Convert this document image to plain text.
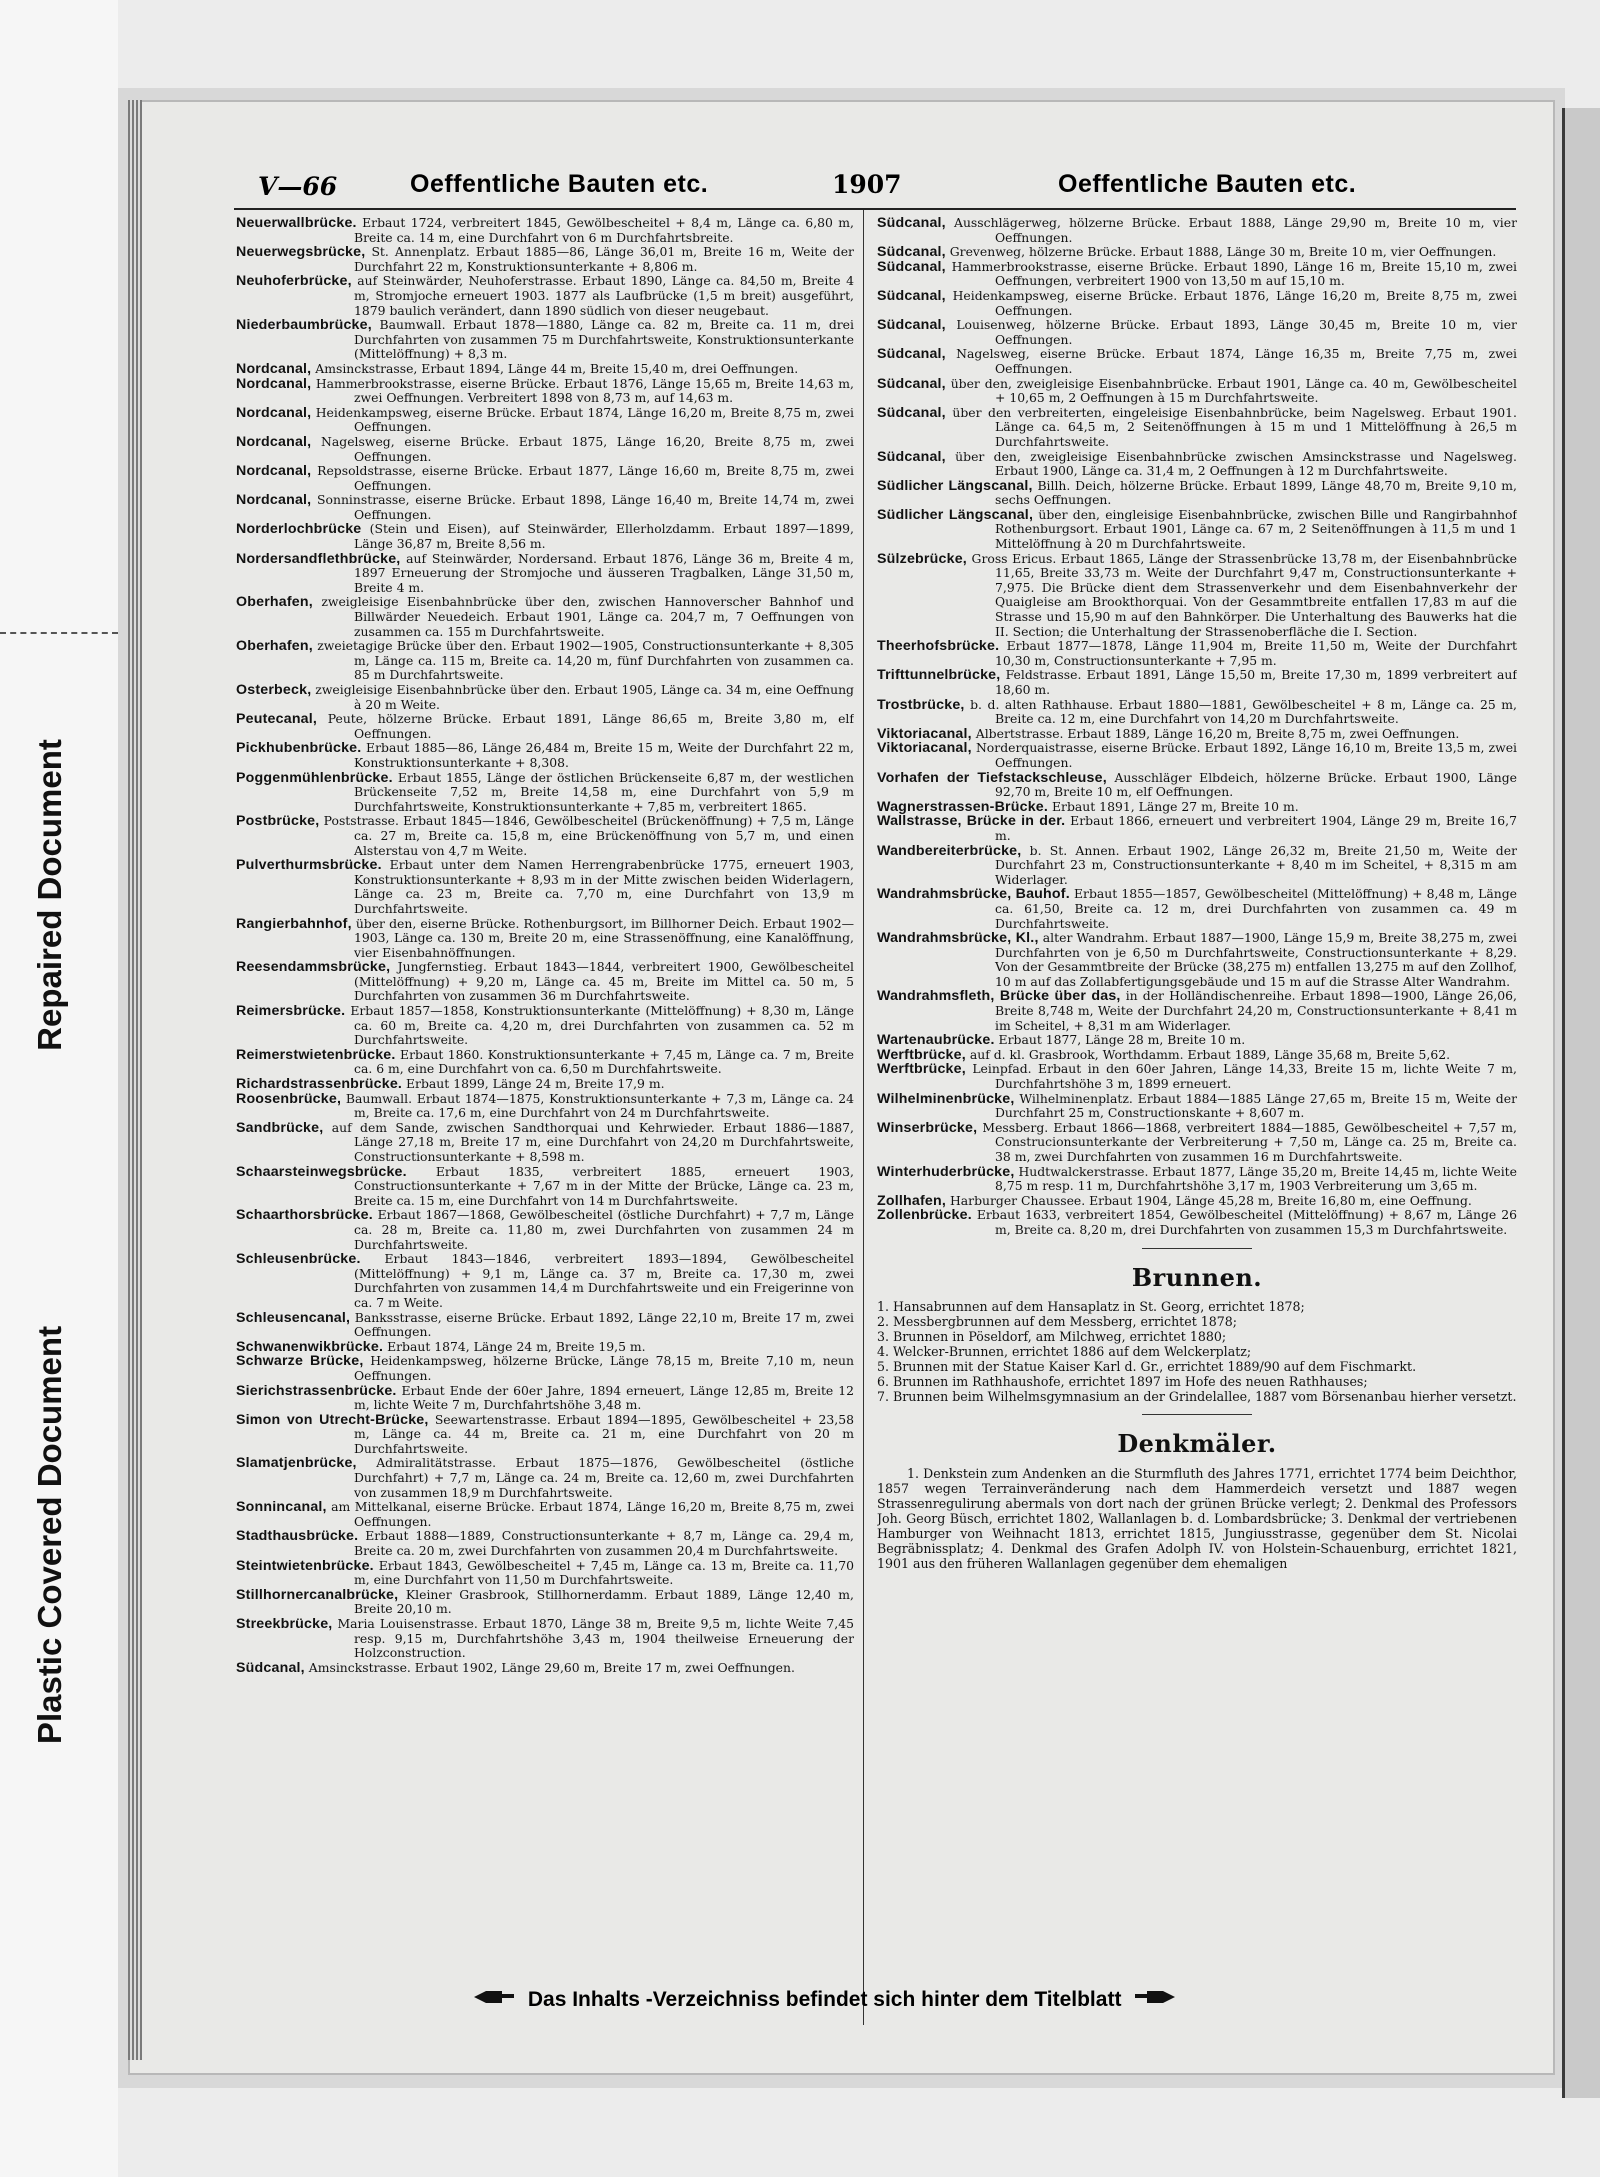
Repaired Document
Plastic Covered Document
V—66	Oeffentliche Bauten etc.	1907	Oeffentliche Bauten etc.
Neuerwallbrücke. Erbaut 1724, verbreitert 1845, Gewölbescheitel + 8,4 m, Länge ca. 6,80 m, Breite ca. 14 m, eine Durchfahrt von 6 m Durchfahrtsbreite.
Neuerwegsbrücke, St. Annenplatz. Erbaut 1885—86, Länge 36,01 m, Breite 16 m, Weite der Durchfahrt 22 m, Konstruktionsunterkante + 8,806 m.
Neuhoferbrücke, auf Steinwärder, Neuhoferstrasse. Erbaut 1890, Länge ca. 84,50 m, Breite 4 m, Stromjoche erneuert 1903. 1877 als Laufbrücke (1,5 m breit) ausgeführt, 1879 baulich verändert, dann 1890 südlich von dieser neugebaut.
Niederbaumbrücke, Baumwall. Erbaut 1878—1880, Länge ca. 82 m, Breite ca. 11 m, drei Durchfahrten von zusammen 75 m Durchfahrtsweite, Konstruktionsunterkante (Mittelöffnung) + 8,3 m.
Nordcanal, Amsinckstrasse, Erbaut 1894, Länge 44 m, Breite 15,40 m, drei Oeffnungen.
Nordcanal, Hammerbrookstrasse, eiserne Brücke. Erbaut 1876, Länge 15,65 m, Breite 14,63 m, zwei Oeffnungen. Verbreitert 1898 von 8,73 m, auf 14,63 m.
Nordcanal, Heidenkampsweg, eiserne Brücke. Erbaut 1874, Länge 16,20 m, Breite 8,75 m, zwei Oeffnungen.
Nordcanal, Nagelsweg, eiserne Brücke. Erbaut 1875, Länge 16,20, Breite 8,75 m, zwei Oeffnungen.
Nordcanal, Repsoldstrasse, eiserne Brücke. Erbaut 1877, Länge 16,60 m, Breite 8,75 m, zwei Oeffnungen.
Nordcanal, Sonninstrasse, eiserne Brücke. Erbaut 1898, Länge 16,40 m, Breite 14,74 m, zwei Oeffnungen.
Norderlochbrücke (Stein und Eisen), auf Steinwärder, Ellerholzdamm. Erbaut 1897—1899, Länge 36,87 m, Breite 8,56 m.
Nordersandflethbrücke, auf Steinwärder, Nordersand. Erbaut 1876, Länge 36 m, Breite 4 m, 1897 Erneuerung der Stromjoche und äusseren Tragbalken, Länge 31,50 m, Breite 4 m.
Oberhafen, zweigleisige Eisenbahnbrücke über den, zwischen Hannoverscher Bahnhof und Billwärder Neuedeich. Erbaut 1901, Länge ca. 204,7 m, 7 Oeffnungen von zusammen ca. 155 m Durchfahrtsweite.
Oberhafen, zweietagige Brücke über den. Erbaut 1902—1905, Constructionsunterkante + 8,305 m, Länge ca. 115 m, Breite ca. 14,20 m, fünf Durchfahrten von zusammen ca. 85 m Durchfahrtsweite.
Osterbeck, zweigleisige Eisenbahnbrücke über den. Erbaut 1905, Länge ca. 34 m, eine Oeffnung à 20 m Weite.
Peutecanal, Peute, hölzerne Brücke. Erbaut 1891, Länge 86,65 m, Breite 3,80 m, elf Oeffnungen.
Pickhubenbrücke. Erbaut 1885—86, Länge 26,484 m, Breite 15 m, Weite der Durchfahrt 22 m, Konstruktionsunterkante + 8,308.
Poggenmühlenbrücke. Erbaut 1855, Länge der östlichen Brückenseite 6,87 m, der westlichen Brückenseite 7,52 m, Breite 14,58 m, eine Durchfahrt von 5,9 m Durchfahrtsweite, Konstruktionsunterkante + 7,85 m, verbreitert 1865.
Postbrücke, Poststrasse. Erbaut 1845—1846, Gewölbescheitel (Brückenöffnung) + 7,5 m, Länge ca. 27 m, Breite ca. 15,8 m, eine Brückenöffnung von 5,7 m, und einen Alsterstau von 4,7 m Weite.
Pulverthurmsbrücke. Erbaut unter dem Namen Herrengrabenbrücke 1775, erneuert 1903, Konstruktionsunterkante + 8,93 m in der Mitte zwischen beiden Widerlagern, Länge ca. 23 m, Breite ca. 7,70 m, eine Durchfahrt von 13,9 m Durchfahrtsweite.
Rangierbahnhof, über den, eiserne Brücke. Rothenburgsort, im Billhorner Deich. Erbaut 1902—1903, Länge ca. 130 m, Breite 20 m, eine Strassenöffnung, eine Kanalöffnung, vier Eisenbahnöffnungen.
Reesendammsbrücke, Jungfernstieg. Erbaut 1843—1844, verbreitert 1900, Gewölbescheitel (Mittelöffnung) + 9,20 m, Länge ca. 45 m, Breite im Mittel ca. 50 m, 5 Durchfahrten von zusammen 36 m Durchfahrtsweite.
Reimersbrücke. Erbaut 1857—1858, Konstruktionsunterkante (Mittelöffnung) + 8,30 m, Länge ca. 60 m, Breite ca. 4,20 m, drei Durchfahrten von zusammen ca. 52 m Durchfahrtsweite.
Reimerstwietenbrücke. Erbaut 1860. Konstruktionsunterkante + 7,45 m, Länge ca. 7 m, Breite ca. 6 m, eine Durchfahrt von ca. 6,50 m Durchfahrtsweite.
Richardstrassenbrücke. Erbaut 1899, Länge 24 m, Breite 17,9 m.
Roosenbrücke, Baumwall. Erbaut 1874—1875, Konstruktionsunterkante + 7,3 m, Länge ca. 24 m, Breite ca. 17,6 m, eine Durchfahrt von 24 m Durchfahrtsweite.
Sandbrücke, auf dem Sande, zwischen Sandthorquai und Kehrwieder. Erbaut 1886—1887, Länge 27,18 m, Breite 17 m, eine Durchfahrt von 24,20 m Durchfahrtsweite, Constructionsunterkante + 8,598 m.
Schaarsteinwegsbrücke. Erbaut 1835, verbreitert 1885, erneuert 1903, Constructionsunterkante + 7,67 m in der Mitte der Brücke, Länge ca. 23 m, Breite ca. 15 m, eine Durchfahrt von 14 m Durchfahrtsweite.
Schaarthorsbrücke. Erbaut 1867—1868, Gewölbescheitel (östliche Durchfahrt) + 7,7 m, Länge ca. 28 m, Breite ca. 11,80 m, zwei Durchfahrten von zusammen 24 m Durchfahrtsweite.
Schleusenbrücke. Erbaut 1843—1846, verbreitert 1893—1894, Gewölbescheitel (Mittelöffnung) + 9,1 m, Länge ca. 37 m, Breite ca. 17,30 m, zwei Durchfahrten von zusammen 14,4 m Durchfahrtsweite und ein Freigerinne von ca. 7 m Weite.
Schleusencanal, Banksstrasse, eiserne Brücke. Erbaut 1892, Länge 22,10 m, Breite 17 m, zwei Oeffnungen.
Schwanenwikbrücke. Erbaut 1874, Länge 24 m, Breite 19,5 m.
Schwarze Brücke, Heidenkampsweg, hölzerne Brücke, Länge 78,15 m, Breite 7,10 m, neun Oeffnungen.
Sierichstrassenbrücke. Erbaut Ende der 60er Jahre, 1894 erneuert, Länge 12,85 m, Breite 12 m, lichte Weite 7 m, Durchfahrtshöhe 3,48 m.
Simon von Utrecht-Brücke, Seewartenstrasse. Erbaut 1894—1895, Gewölbescheitel + 23,58 m, Länge ca. 44 m, Breite ca. 21 m, eine Durchfahrt von 20 m Durchfahrtsweite.
Slamatjenbrücke, Admiralitätstrasse. Erbaut 1875—1876, Gewölbescheitel (östliche Durchfahrt) + 7,7 m, Länge ca. 24 m, Breite ca. 12,60 m, zwei Durchfahrten von zusammen 18,9 m Durchfahrtsweite.
Sonnincanal, am Mittelkanal, eiserne Brücke. Erbaut 1874, Länge 16,20 m, Breite 8,75 m, zwei Oeffnungen.
Stadthausbrücke. Erbaut 1888—1889, Constructionsunterkante + 8,7 m, Länge ca. 29,4 m, Breite ca. 20 m, zwei Durchfahrten von zusammen 20,4 m Durchfahrtsweite.
Steintwietenbrücke. Erbaut 1843, Gewölbescheitel + 7,45 m, Länge ca. 13 m, Breite ca. 11,70 m, eine Durchfahrt von 11,50 m Durchfahrtsweite.
Stillhornercanalbrücke, Kleiner Grasbrook, Stillhornerdamm. Erbaut 1889, Länge 12,40 m, Breite 20,10 m.
Streekbrücke, Maria Louisenstrasse. Erbaut 1870, Länge 38 m, Breite 9,5 m, lichte Weite 7,45 resp. 9,15 m, Durchfahrtshöhe 3,43 m, 1904 theilweise Erneuerung der Holzconstruction.
Südcanal, Amsinckstrasse. Erbaut 1902, Länge 29,60 m, Breite 17 m, zwei Oeffnungen.
Südcanal, Ausschlägerweg, hölzerne Brücke. Erbaut 1888, Länge 29,90 m, Breite 10 m, vier Oeffnungen.
Südcanal, Grevenweg, hölzerne Brücke. Erbaut 1888, Länge 30 m, Breite 10 m, vier Oeffnungen.
Südcanal, Hammerbrookstrasse, eiserne Brücke. Erbaut 1890, Länge 16 m, Breite 15,10 m, zwei Oeffnungen, verbreitert 1900 von 13,50 m auf 15,10 m.
Südcanal, Heidenkampsweg, eiserne Brücke. Erbaut 1876, Länge 16,20 m, Breite 8,75 m, zwei Oeffnungen.
Südcanal, Louisenweg, hölzerne Brücke. Erbaut 1893, Länge 30,45 m, Breite 10 m, vier Oeffnungen.
Südcanal, Nagelsweg, eiserne Brücke. Erbaut 1874, Länge 16,35 m, Breite 7,75 m, zwei Oeffnungen.
Südcanal, über den, zweigleisige Eisenbahnbrücke. Erbaut 1901, Länge ca. 40 m, Gewölbescheitel + 10,65 m, 2 Oeffnungen à 15 m Durchfahrtsweite.
Südcanal, über den verbreiterten, eingeleisige Eisenbahnbrücke, beim Nagelsweg. Erbaut 1901. Länge ca. 64,5 m, 2 Seitenöffnungen à 15 m und 1 Mittelöffnung à 26,5 m Durchfahrtsweite.
Südcanal, über den, zweigleisige Eisenbahnbrücke zwischen Amsinckstrasse und Nagelsweg. Erbaut 1900, Länge ca. 31,4 m, 2 Oeffnungen à 12 m Durchfahrtsweite.
Südlicher Längscanal, Billh. Deich, hölzerne Brücke. Erbaut 1899, Länge 48,70 m, Breite 9,10 m, sechs Oeffnungen.
Südlicher Längscanal, über den, eingleisige Eisenbahnbrücke, zwischen Bille und Rangirbahnhof Rothenburgsort. Erbaut 1901, Länge ca. 67 m, 2 Seitenöffnungen à 11,5 m und 1 Mittelöffnung à 20 m Durchfahrtsweite.
Sülzebrücke, Gross Ericus. Erbaut 1865, Länge der Strassenbrücke 13,78 m, der Eisenbahnbrücke 11,65, Breite 33,73 m. Weite der Durchfahrt 9,47 m, Constructionsunterkante + 7,975. Die Brücke dient dem Strassenverkehr und dem Eisenbahnverkehr der Quaigleise am Brookthorquai. Von der Gesammtbreite entfallen 17,83 m auf die Strasse und 15,90 m auf den Bahnkörper. Die Unterhaltung des Bauwerks hat die II. Section; die Unterhaltung der Strassenoberfläche die I. Section.
Theerhofsbrücke. Erbaut 1877—1878, Länge 11,904 m, Breite 11,50 m, Weite der Durchfahrt 10,30 m, Constructionsunterkante + 7,95 m.
Trifttunnelbrücke, Feldstrasse. Erbaut 1891, Länge 15,50 m, Breite 17,30 m, 1899 verbreitert auf 18,60 m.
Trostbrücke, b. d. alten Rathhause. Erbaut 1880—1881, Gewölbescheitel + 8 m, Länge ca. 25 m, Breite ca. 12 m, eine Durchfahrt von 14,20 m Durchfahrtsweite.
Viktoriacanal, Albertstrasse. Erbaut 1889, Länge 16,20 m, Breite 8,75 m, zwei Oeffnungen.
Viktoriacanal, Norderquaistrasse, eiserne Brücke. Erbaut 1892, Länge 16,10 m, Breite 13,5 m, zwei Oeffnungen.
Vorhafen der Tiefstackschleuse, Ausschläger Elbdeich, hölzerne Brücke. Erbaut 1900, Länge 92,70 m, Breite 10 m, elf Oeffnungen.
Wagnerstrassen-Brücke. Erbaut 1891, Länge 27 m, Breite 10 m.
Wallstrasse, Brücke in der. Erbaut 1866, erneuert und verbreitert 1904, Länge 29 m, Breite 16,7 m.
Wandbereiterbrücke, b. St. Annen. Erbaut 1902, Länge 26,32 m, Breite 21,50 m, Weite der Durchfahrt 23 m, Constructionsunterkante + 8,40 m im Scheitel, + 8,315 m am Widerlager.
Wandrahmsbrücke, Bauhof. Erbaut 1855—1857, Gewölbescheitel (Mittelöffnung) + 8,48 m, Länge ca. 61,50, Breite ca. 12 m, drei Durchfahrten von zusammen ca. 49 m Durchfahrtsweite.
Wandrahmsbrücke, Kl., alter Wandrahm. Erbaut 1887—1900, Länge 15,9 m, Breite 38,275 m, zwei Durchfahrten von je 6,50 m Durchfahrtsweite, Constructionsunterkante + 8,29. Von der Gesammtbreite der Brücke (38,275 m) entfallen 13,275 m auf den Zollhof, 10 m auf das Zollabfertigungsgebäude und 15 m auf die Strasse Alter Wandrahm.
Wandrahmsfleth, Brücke über das, in der Holländischenreihe. Erbaut 1898—1900, Länge 26,06, Breite 8,748 m, Weite der Durchfahrt 24,20 m, Constructionsunterkante + 8,41 m im Scheitel, + 8,31 m am Widerlager.
Wartenaubrücke. Erbaut 1877, Länge 28 m, Breite 10 m.
Werftbrücke, auf d. kl. Grasbrook, Worthdamm. Erbaut 1889, Länge 35,68 m, Breite 5,62.
Werftbrücke, Leinpfad. Erbaut in den 60er Jahren, Länge 14,33, Breite 15 m, lichte Weite 7 m, Durchfahrtshöhe 3 m, 1899 erneuert.
Wilhelminenbrücke, Wilhelminenplatz. Erbaut 1884—1885 Länge 27,65 m, Breite 15 m, Weite der Durchfahrt 25 m, Constructionskante + 8,607 m.
Winserbrücke, Messberg. Erbaut 1866—1868, verbreitert 1884—1885, Gewölbescheitel + 7,57 m, Construcionsunterkante der Verbreiterung + 7,50 m, Länge ca. 25 m, Breite ca. 38 m, zwei Durchfahrten von zusammen 16 m Durchfahrtsweite.
Winterhuderbrücke, Hudtwalckerstrasse. Erbaut 1877, Länge 35,20 m, Breite 14,45 m, lichte Weite 8,75 m resp. 11 m, Durchfahrtshöhe 3,17 m, 1903 Verbreiterung um 3,65 m.
Zollhafen, Harburger Chaussee. Erbaut 1904, Länge 45,28 m, Breite 16,80 m, eine Oeffnung.
Zollenbrücke. Erbaut 1633, verbreitert 1854, Gewölbescheitel (Mittelöffnung) + 8,67 m, Länge 26 m, Breite ca. 8,20 m, drei Durchfahrten von zusammen 15,3 m Durchfahrtsweite.
Brunnen.
1. Hansabrunnen auf dem Hansaplatz in St. Georg, errichtet 1878;
2. Messbergbrunnen auf dem Messberg, errichtet 1878;
3. Brunnen in Pöseldorf, am Milchweg, errichtet 1880;
4. Welcker-Brunnen, errichtet 1886 auf dem Welckerplatz;
5. Brunnen mit der Statue Kaiser Karl d. Gr., errichtet 1889/90 auf dem Fischmarkt.
6. Brunnen im Rathhaushofe, errichtet 1897 im Hofe des neuen Rathhauses;
7. Brunnen beim Wilhelmsgymnasium an der Grindelallee, 1887 vom Börsenanbau hierher versetzt.
Denkmäler.
1. Denkstein zum Andenken an die Sturmfluth des Jahres 1771, errichtet 1774 beim Deichthor, 1857 wegen Terrainveränderung nach dem Hammerdeich versetzt und 1887 wegen Strassenregulirung abermals von dort nach der grünen Brücke verlegt; 2. Denkmal des Professors Joh. Georg Büsch, errichtet 1802, Wallanlagen b. d. Lombardsbrücke; 3. Denkmal der vertriebenen Hamburger von Weihnacht 1813, errichtet 1815, Jungiusstrasse, gegenüber dem St. Nicolai Begräbnissplatz; 4. Denkmal des Grafen Adolph IV. von Holstein-Schauenburg, errichtet 1821, 1901 aus den früheren Wallanlagen gegenüber dem ehemaligen
Das Inhalts -Verzeichniss befindet sich hinter dem Titelblatt
